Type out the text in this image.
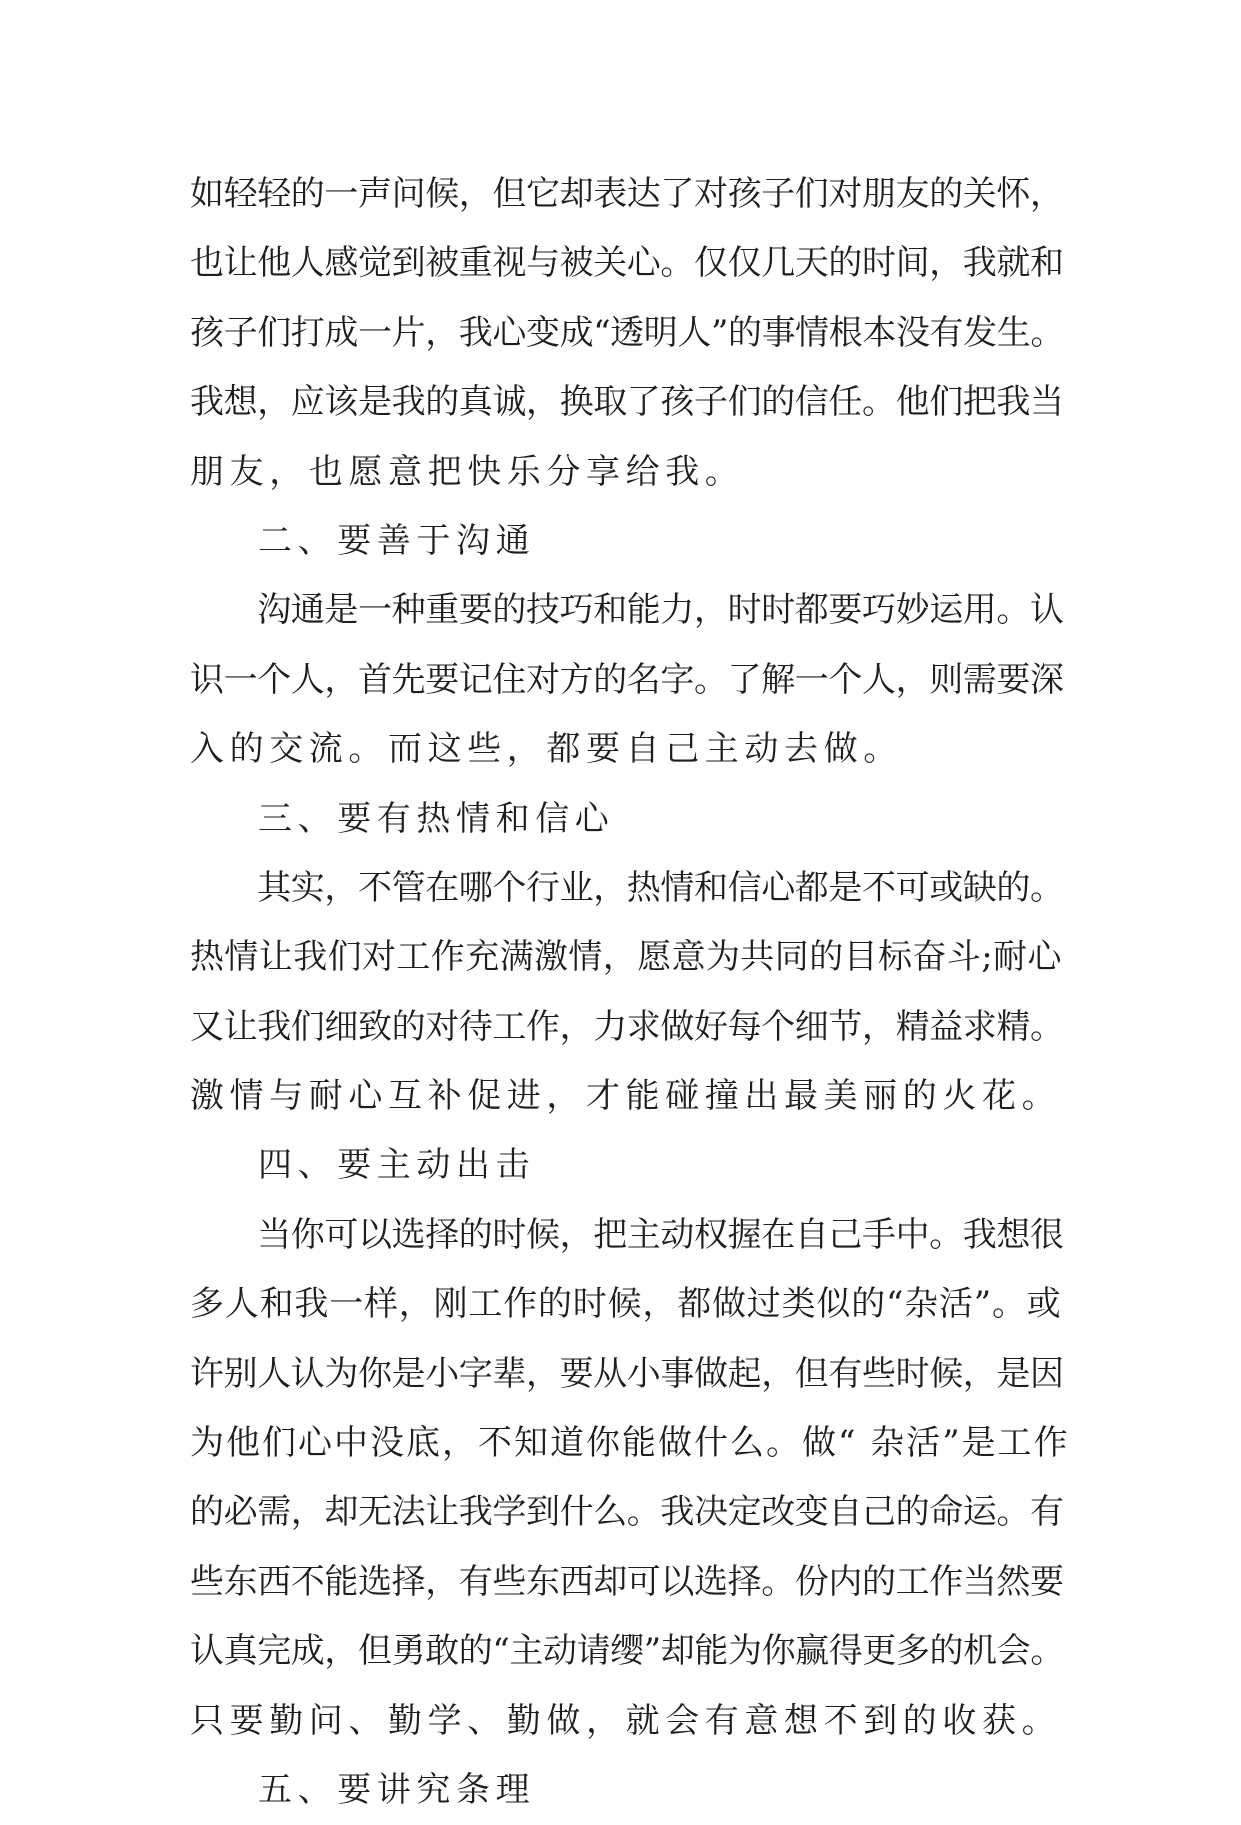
如轻轻的一声问候，但它却表达了对孩子们对朋友的关怀，
也让他人感觉到被重视与被关心。仅仅几天的时间，我就和
孩子们打成一片，我心变成“透明人”的事情根本没有发生。
我想，应该是我的真诚，换取了孩子们的信任。他们把我当
朋友，也愿意把快乐分享给我。
二、要善于沟通
　　沟通是一种重要的技巧和能力，时时都要巧妙运用。认
识一个人，首先要记住对方的名字。了解一个人，则需要深
入的交流。而这些，都要自己主动去做。
三、要有热情和信心
　　其实，不管在哪个行业，热情和信心都是不可或缺的。
热情让我们对工作充满激情，愿意为共同的目标奋斗;耐心
又让我们细致的对待工作，力求做好每个细节，精益求精。
激情与耐心互补促进，才能碰撞出最美丽的火花。
四、要主动出击
　　当你可以选择的时候，把主动权握在自己手中。我想很
多人和我一样，刚工作的时候，都做过类似的“杂活”。或
许别人认为你是小字辈，要从小事做起，但有些时候，是因
为他们心中没底，不知道你能做什么。做“ 杂活”是工作
的必需，却无法让我学到什么。我决定改变自己的命运。有
些东西不能选择，有些东西却可以选择。份内的工作当然要
认真完成，但勇敢的“主动请缨”却能为你赢得更多的机会。
只要勤问、勤学、勤做，就会有意想不到的收获。
五、要讲究条理
